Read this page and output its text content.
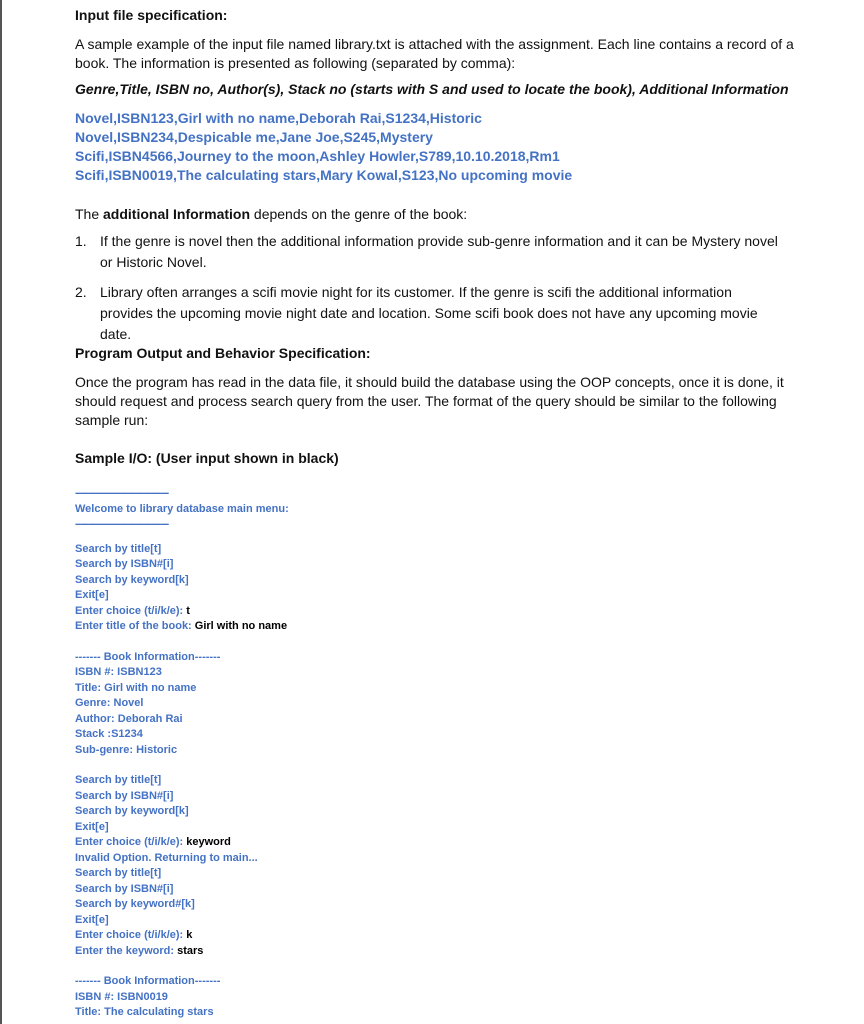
Input file specification:
A sample example of the input file named library.txt is attached with the assignment. Each line contains a record of a book. The information is presented as following (separated by comma):
Genre,Title, ISBN no, Author(s), Stack no (starts with S and used to locate the book), Additional Information
Novel,ISBN123,Girl with no name,Deborah Rai,S1234,Historic
Novel,ISBN234,Despicable me,Jane Joe,S245,Mystery
Scifi,ISBN4566,Journey to the moon,Ashley Howler,S789,10.10.2018,Rm1
Scifi,ISBN0019,The calculating stars,Mary Kowal,S123,No upcoming movie
The additional Information depends on the genre of the book:
1. If the genre is novel then the additional information provide sub-genre information and it can be Mystery novel or Historic Novel.
2. Library often arranges a scifi movie night for its customer. If the genre is scifi the additional information provides the upcoming movie night date and location. Some scifi book does not have any upcoming movie date.
Program Output and Behavior Specification:
Once the program has read in the data file, it should build the database using the OOP concepts, once it is done, it should request and process search query from the user. The format of the query should be similar to the following sample run:
Sample I/O: (User input shown in black)
-----------------------------------
Welcome to library database main menu:
-----------------------------------
Search by title[t]
Search by ISBN#[i]
Search by keyword[k]
Exit[e]
Enter choice (t/i/k/e): t
Enter title of the book: Girl with no name
------- Book Information-------
ISBN #: ISBN123
Title: Girl with no name
Genre: Novel
Author: Deborah Rai
Stack :S1234
Sub-genre: Historic
Search by title[t]
Search by ISBN#[i]
Search by keyword[k]
Exit[e]
Enter choice (t/i/k/e): keyword
Invalid Option. Returning to main...
Search by title[t]
Search by ISBN#[i]
Search by keyword#[k]
Exit[e]
Enter choice (t/i/k/e): k
Enter the keyword: stars
------- Book Information-------
ISBN #: ISBN0019
Title: The calculating stars
